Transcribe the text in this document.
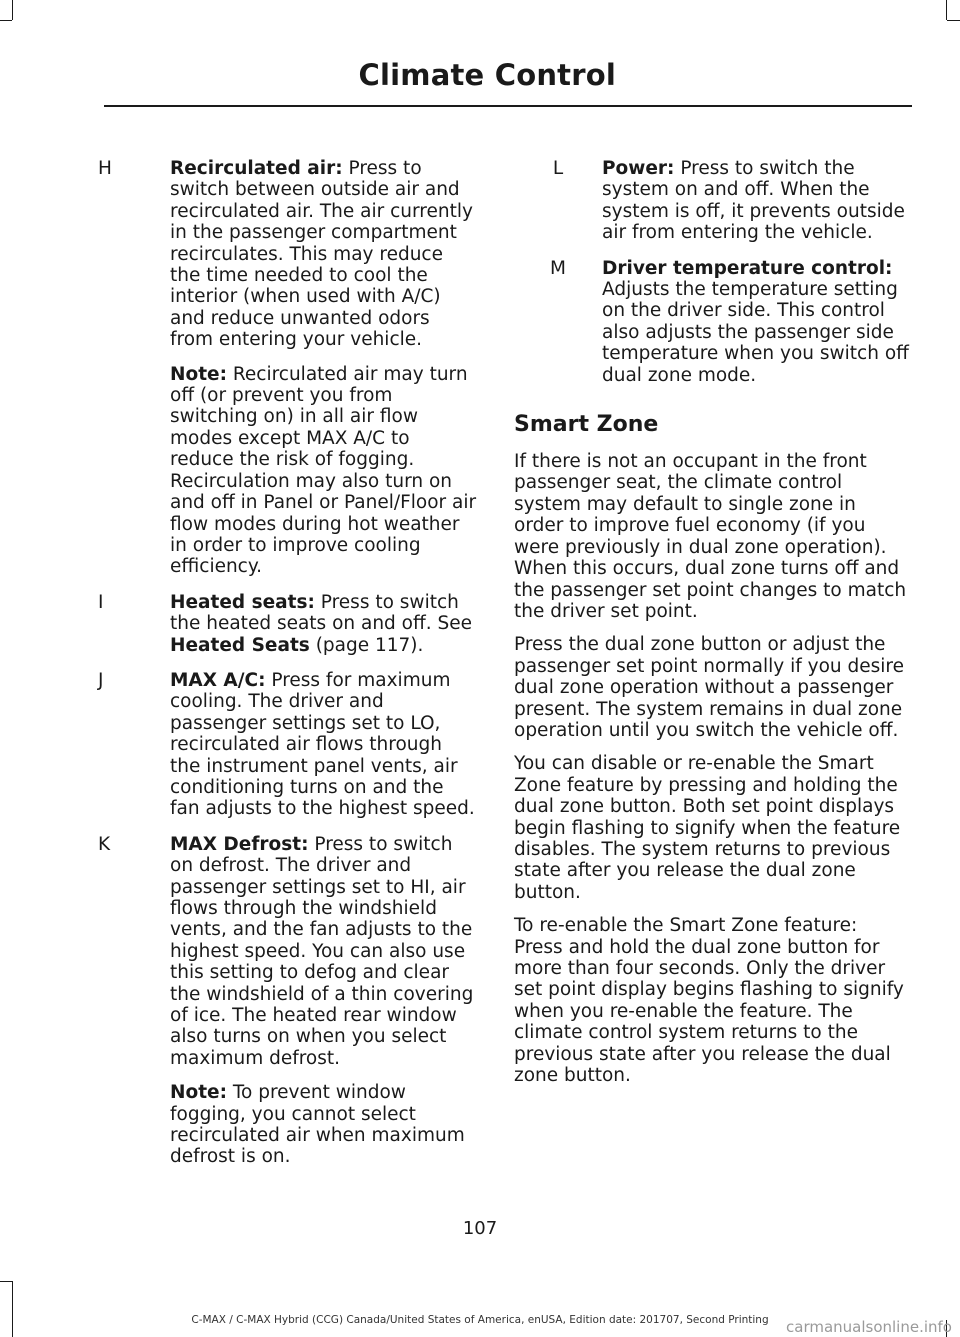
Climate Control
H	Recirculated air: Press to switch between outside air and recirculated air. The air currently in the passenger compartment recirculates. This may reduce the time needed to cool the interior (when used with A/C) and reduce unwanted odors from entering your vehicle.

Note: Recirculated air may turn off (or prevent you from switching on) in all air flow modes except MAX A/C to reduce the risk of fogging. Recirculation may also turn on and off in Panel or Panel/Floor air flow modes during hot weather in order to improve cooling efficiency.

I	Heated seats: Press to switch the heated seats on and off. See Heated Seats (page 117).

J	MAX A/C: Press for maximum cooling. The driver and passenger settings set to LO, recirculated air flows through the instrument panel vents, air conditioning turns on and the fan adjusts to the highest speed.

K	MAX Defrost: Press to switch on defrost. The driver and passenger settings set to HI, air flows through the windshield vents, and the fan adjusts to the highest speed. You can also use this setting to defog and clear the windshield of a thin covering of ice. The heated rear window also turns on when you select maximum defrost.

Note: To prevent window fogging, you cannot select recirculated air when maximum defrost is on.

L	Power: Press to switch the system on and off. When the system is off, it prevents outside air from entering the vehicle.

M	Driver temperature control: Adjusts the temperature setting on the driver side. This control also adjusts the passenger side temperature when you switch off dual zone mode.

Smart Zone

If there is not an occupant in the front passenger seat, the climate control system may default to single zone in order to improve fuel economy (if you were previously in dual zone operation). When this occurs, dual zone turns off and the passenger set point changes to match the driver set point.

Press the dual zone button or adjust the passenger set point normally if you desire dual zone operation without a passenger present. The system remains in dual zone operation until you switch the vehicle off.

You can disable or re-enable the Smart Zone feature by pressing and holding the dual zone button. Both set point displays begin flashing to signify when the feature disables. The system returns to previous state after you release the dual zone button.

To re-enable the Smart Zone feature: Press and hold the dual zone button for more than four seconds. Only the driver set point display begins flashing to signify when you re-enable the feature. The climate control system returns to the previous state after you release the dual zone button.

107
C-MAX / C-MAX Hybrid (CCG) Canada/United States of America, enUSA, Edition date: 201707, Second Printing	carmanualsonline.info
